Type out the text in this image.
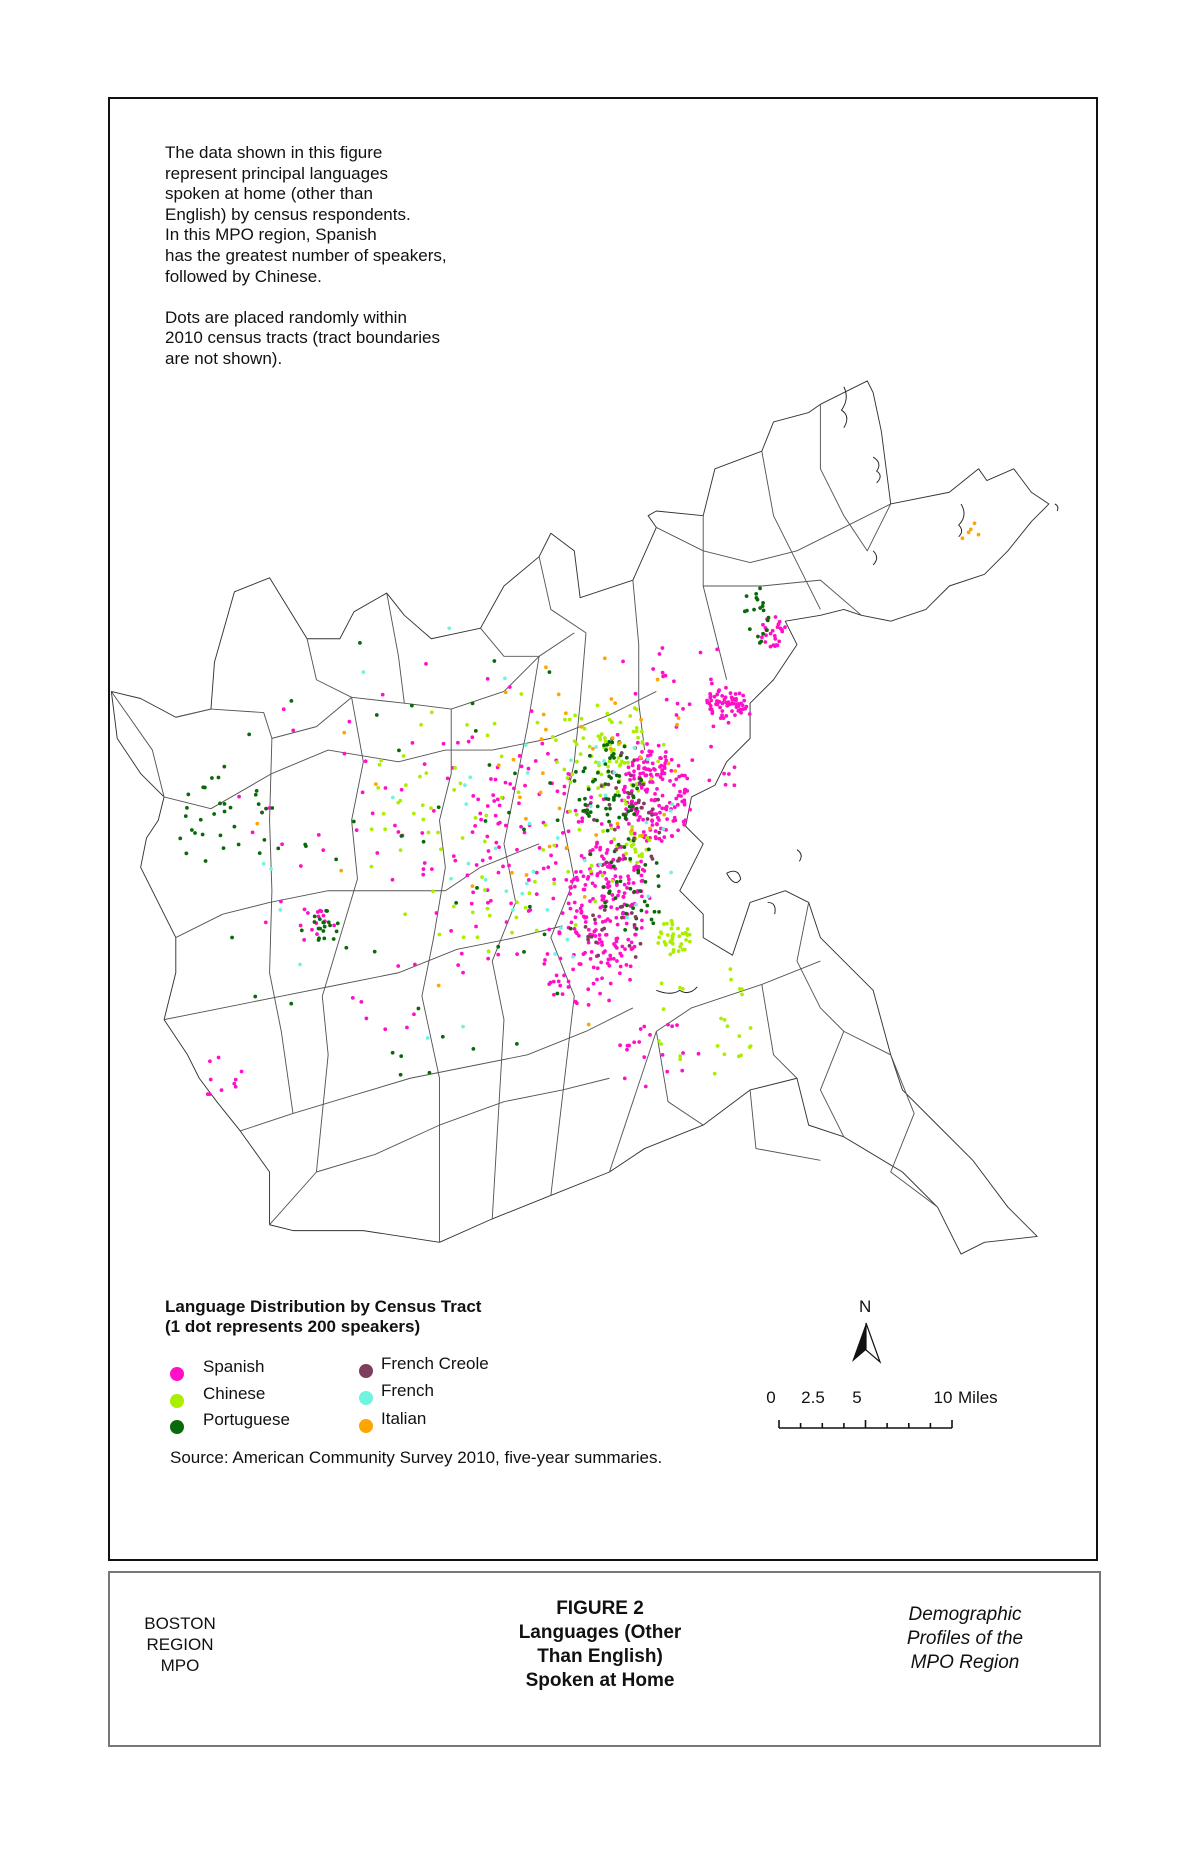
The data shown in this figure
represent principal languages
spoken at home (other than
English) by census respondents.
In this MPO region, Spanish
has the greatest number of speakers,
followed by Chinese.

Dots are placed randomly within
2010 census tracts (tract boundaries
are not shown).

Language Distribution by Census Tract
(1 dot represents 200 speakers)
Spanish
Chinese
Portuguese
French Creole
French
Italian
Source: American Community Survey 2010, five-year summaries.
N
0 2.5 5	10 Miles
BOSTON
REGION
MPO
FIGURE 2
Languages (Other
Than English)
Spoken at Home
Demographic
Profiles of the
MPO Region
